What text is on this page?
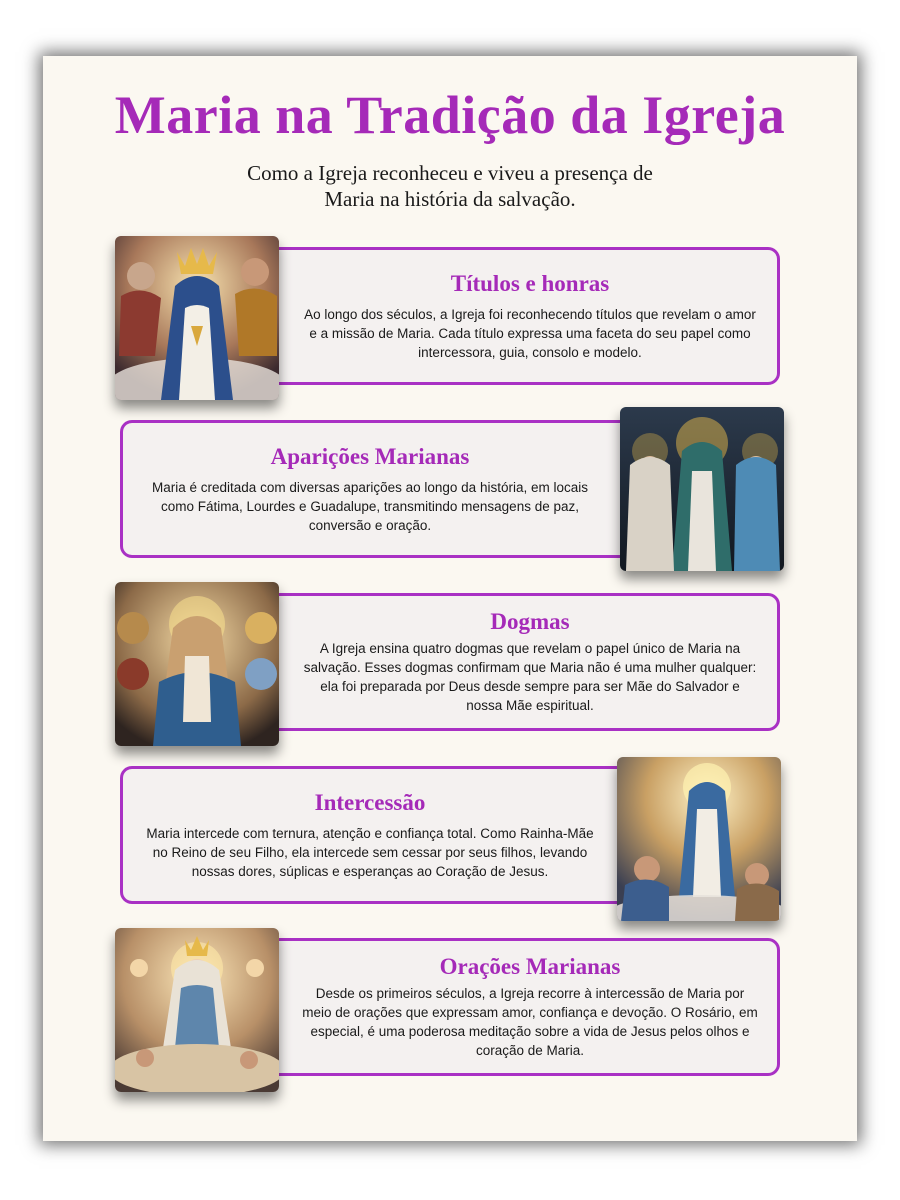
Maria na Tradição da Igreja

Como a Igreja reconheceu e viveu a presença de Maria na história da salvação.

Títulos e honras

Ao longo dos séculos, a Igreja foi reconhecendo títulos que revelam o amor e a missão de Maria. Cada título expressa uma faceta do seu papel como intercessora, guia, consolo e modelo.

Aparições Marianas

Maria é creditada com diversas aparições ao longo da história, em locais como Fátima, Lourdes e Guadalupe, transmitindo mensagens de paz, conversão e oração.

Dogmas

A Igreja ensina quatro dogmas que revelam o papel único de Maria na salvação. Esses dogmas confirmam que Maria não é uma mulher qualquer: ela foi preparada por Deus desde sempre para ser Mãe do Salvador e nossa Mãe espiritual.

Intercessão

Maria intercede com ternura, atenção e confiança total. Como Rainha-Mãe no Reino de seu Filho, ela intercede sem cessar por seus filhos, levando nossas dores, súplicas e esperanças ao Coração de Jesus.

Orações Marianas

Desde os primeiros séculos, a Igreja recorre à intercessão de Maria por meio de orações que expressam amor, confiança e devoção. O Rosário, em especial, é uma poderosa meditação sobre a vida de Jesus pelos olhos e coração de Maria.
